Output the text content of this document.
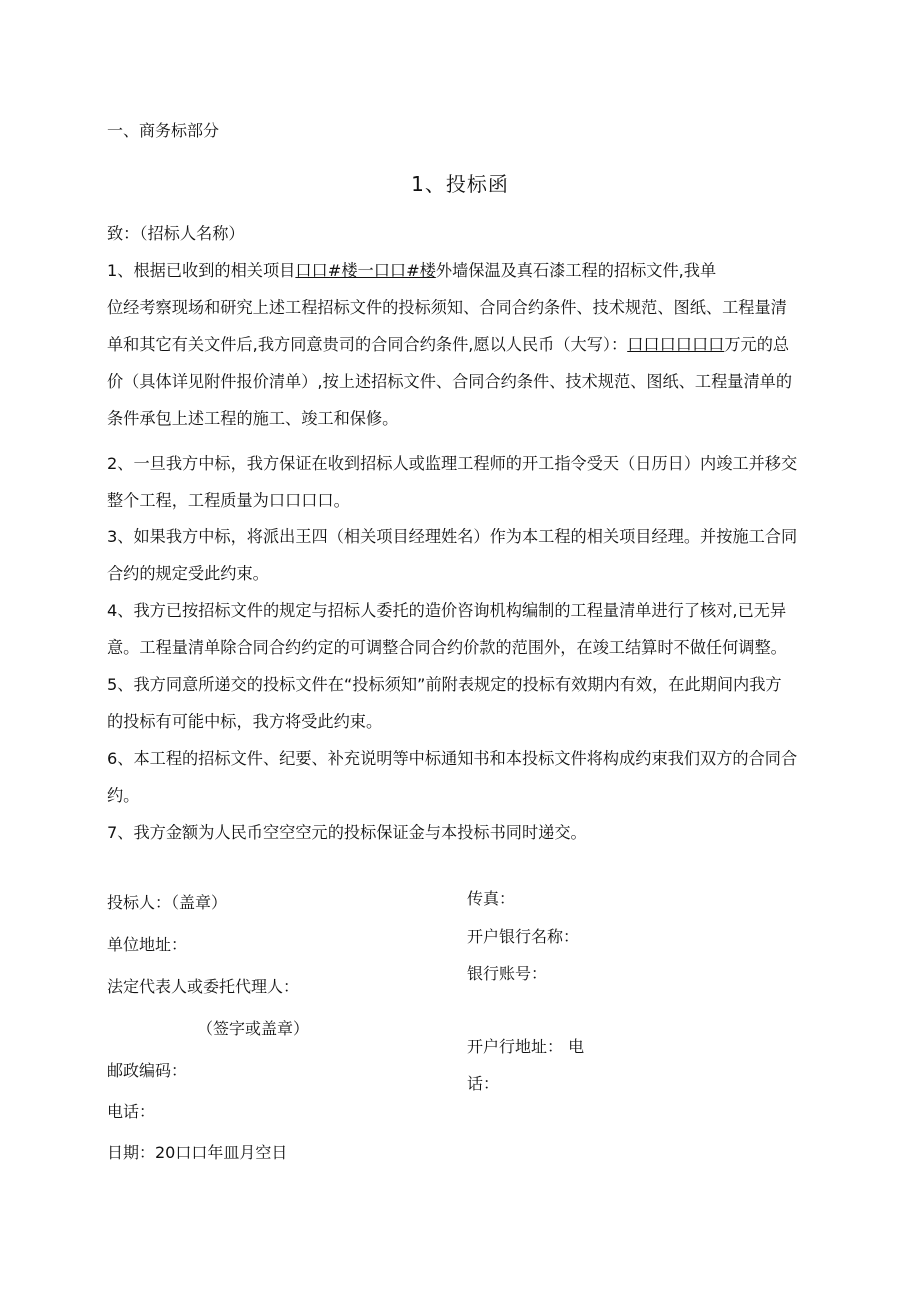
一、商务标部分
1、投标函
致：（招标人名称）
1、根据已收到的相关项目口口#楼一口口#楼外墙保温及真石漆工程的招标文件,我单
位经考察现场和研究上述工程招标文件的投标须知、合同合约条件、技术规范、图纸、工程量清
单和其它有关文件后,我方同意贵司的合同合约条件,愿以人民币（大写）：口口口口口口万元的总
价（具体详见附件报价清单）,按上述招标文件、合同合约条件、技术规范、图纸、工程量清单的
条件承包上述工程的施工、竣工和保修。
2、一旦我方中标，我方保证在收到招标人或监理工程师的开工指令受天（日历日）内竣工并移交
整个工程，工程质量为口口口口。
3、如果我方中标，将派出王四（相关项目经理姓名）作为本工程的相关项目经理。并按施工合同
合约的规定受此约束。
4、我方已按招标文件的规定与招标人委托的造价咨询机构编制的工程量清单进行了核对,已无异
意。工程量清单除合同合约约定的可调整合同合约价款的范围外，在竣工结算时不做任何调整。
5、我方同意所递交的投标文件在“投标须知”前附表规定的投标有效期内有效，在此期间内我方
的投标有可能中标，我方将受此约束。
6、本工程的招标文件、纪要、补充说明等中标通知书和本投标文件将构成约束我们双方的合同合
约。
7、我方金额为人民币空空空元的投标保证金与本投标书同时递交。
投标人：（盖章）
单位地址：
法定代表人或委托代理人：
（签字或盖章）
邮政编码：
电话：
日期：20口口年皿月空日
传真：
开户银行名称：
银行账号：
开户行地址： 电
话：
